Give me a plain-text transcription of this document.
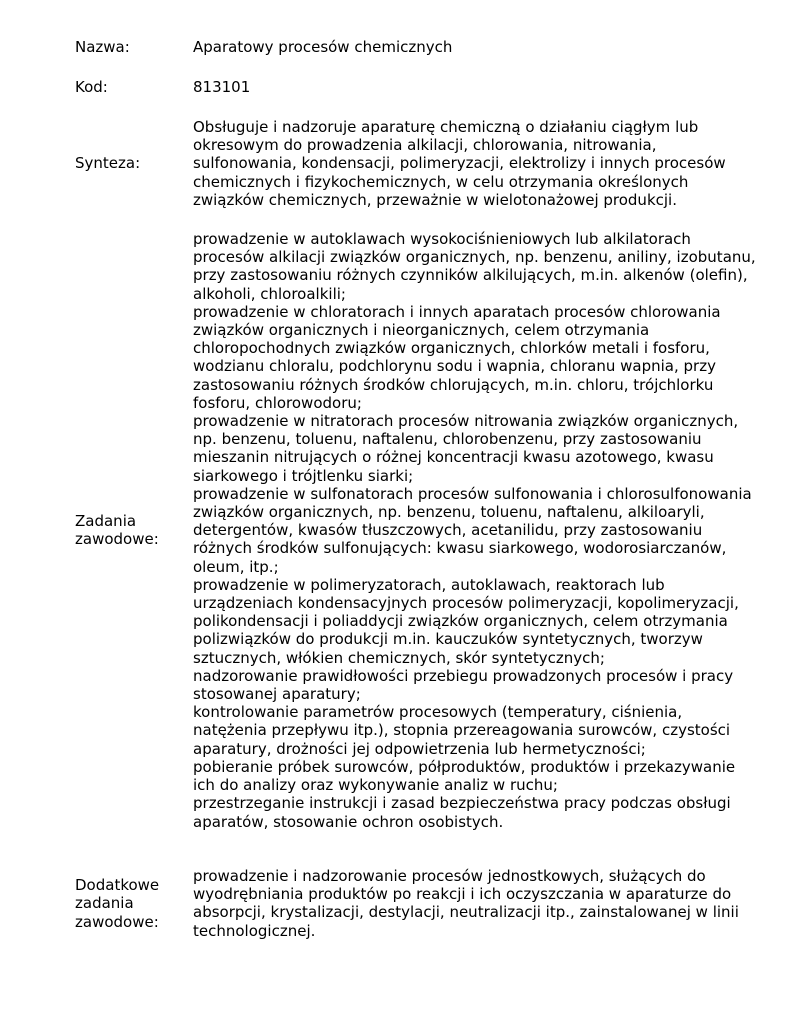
Nazwa:	Aparatowy procesów chemicznych
Kod:	813101
Synteza:
Obsługuje i nadzoruje aparaturę chemiczną o działaniu ciągłym lub okresowym do prowadzenia alkilacji, chlorowania, nitrowania, sulfonowania, kondensacji, polimeryzacji, elektrolizy i innych procesów chemicznych i fizykochemicznych, w celu otrzymania określonych związków chemicznych, przeważnie w wielotonażowej produkcji.
Zadania zawodowe:

prowadzenie w autoklawach wysokociśnieniowych lub alkilatorach procesów alkilacji związków organicznych, np. benzenu, aniliny, izobutanu, przy zastosowaniu różnych czynników alkilujących, m.in. alkenów (olefin), alkoholi, chloroalkili;

prowadzenie w chloratorach i innych aparatach procesów chlorowania związków organicznych i nieorganicznych, celem otrzymania chloropochodnych związków organicznych, chlorków metali i fosforu, wodzianu chloralu, podchlorynu sodu i wapnia, chloranu wapnia, przy zastosowaniu różnych środków chlorujących, m.in. chloru, trójchlorku fosforu, chlorowodoru;

prowadzenie w nitratorach procesów nitrowania związków organicznych, np. benzenu, toluenu, naftalenu, chlorobenzenu, przy zastosowaniu mieszanin nitrujących o różnej koncentracji kwasu azotowego, kwasu siarkowego i trójtlenku siarki;

prowadzenie w sulfonatorach procesów sulfonowania i chlorosulfonowania związków organicznych, np. benzenu, toluenu, naftalenu, alkiloaryli, detergentów, kwasów tłuszczowych, acetanilidu, przy zastosowaniu różnych środków sulfonujących: kwasu siarkowego, wodorosiarczanów, oleum, itp.;

prowadzenie w polimeryzatorach, autoklawach, reaktorach lub urządzeniach kondensacyjnych procesów polimeryzacji, kopolimeryzacji, polikondensacji i poliaddycji związków organicznych, celem otrzymania polizwiązków do produkcji m.in. kauczuków syntetycznych, tworzyw sztucznych, włókien chemicznych, skór syntetycznych;

nadzorowanie prawidłowości przebiegu prowadzonych procesów i pracy stosowanej aparatury;

kontrolowanie parametrów procesowych (temperatury, ciśnienia, natężenia przepływu itp.), stopnia przereagowania surowców, czystości aparatury, drożności jej odpowietrzenia lub hermetyczności;

pobieranie próbek surowców, półproduktów, produktów i przekazywanie ich do analizy oraz wykonywanie analiz w ruchu;

przestrzeganie instrukcji i zasad bezpieczeństwa pracy podczas obsługi aparatów, stosowanie ochron osobistych.

Dodatkowe zadania zawodowe:
prowadzenie i nadzorowanie procesów jednostkowych, służących do wyodrębniania produktów po reakcji i ich oczyszczania w aparaturze do absorpcji, krystalizacji, destylacji, neutralizacji itp., zainstalowanej w linii technologicznej.
